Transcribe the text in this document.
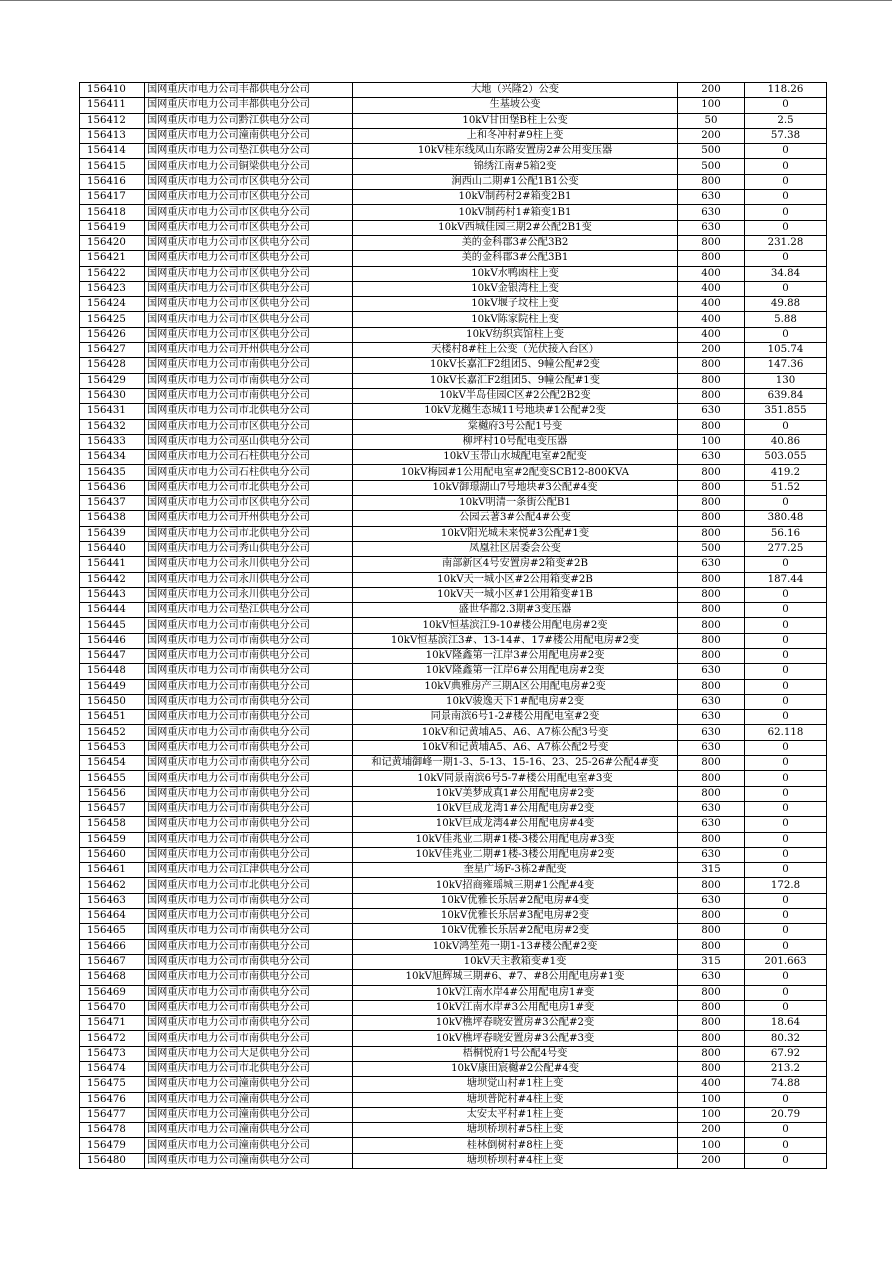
156410	国网重庆市电力公司丰都供电分公司	大地（兴隆2）公变	200	118.26
156411	国网重庆市电力公司丰都供电分公司	生基坡公变	100	0
156412	国网重庆市电力公司黔江供电分公司	10kV甘田堡B柱上公变	50	2.5
156413	国网重庆市电力公司潼南供电分公司	上和冬冲村#9柱上变	200	57.38
156414	国网重庆市电力公司垫江供电分公司	10kV桂东线凤山东路安置房2#公用变压器	500	0
156415	国网重庆市电力公司铜梁供电分公司	锦绣江南#5箱2变	500	0
156416	国网重庆市电力公司市区供电分公司	涧西山二期#1公配1B1公变	800	0
156417	国网重庆市电力公司市区供电分公司	10kV制药村2#箱变2B1	630	0
156418	国网重庆市电力公司市区供电分公司	10kV制药村1#箱变1B1	630	0
156419	国网重庆市电力公司市区供电分公司	10kV西城佳园三期2#公配2B1变	630	0
156420	国网重庆市电力公司市区供电分公司	美的金科郡3#公配3B2	800	231.28
156421	国网重庆市电力公司市区供电分公司	美的金科郡3#公配3B1	800	0
156422	国网重庆市电力公司市区供电分公司	10kV水鸭凼柱上变	400	34.84
156423	国网重庆市电力公司市区供电分公司	10kV金银湾柱上变	400	0
156424	国网重庆市电力公司市区供电分公司	10kV堰子坟柱上变	400	49.88
156425	国网重庆市电力公司市区供电分公司	10kV陈家院柱上变	400	5.88
156426	国网重庆市电力公司市区供电分公司	10kV纺织宾馆柱上变	400	0
156427	国网重庆市电力公司开州供电分公司	天楼村8#柱上公变（光伏接入台区）	200	105.74
156428	国网重庆市电力公司市南供电分公司	10kV长嘉汇F2组团5、9幢公配#2变	800	147.36
156429	国网重庆市电力公司市南供电分公司	10kV长嘉汇F2组团5、9幢公配#1变	800	130
156430	国网重庆市电力公司市南供电分公司	10kV半岛佳园C区#2公配2B2变	800	639.84
156431	国网重庆市电力公司市北供电分公司	10kV龙樾生态城11号地块#1公配#2变	630	351.855
156432	国网重庆市电力公司市区供电分公司	棠樾府3号公配1号变	800	0
156433	国网重庆市电力公司巫山供电分公司	柳坪村10号配电变压器	100	40.86
156434	国网重庆市电力公司石柱供电分公司	10kV玉带山水城配电室#2配变	630	503.055
156435	国网重庆市电力公司石柱供电分公司	10kV梅园#1公用配电室#2配变SCB12-800KVA	800	419.2
156436	国网重庆市电力公司市北供电分公司	10kV御璟湖山7号地块#3公配#4变	800	51.52
156437	国网重庆市电力公司市区供电分公司	10kV明清一条街公配B1	800	0
156438	国网重庆市电力公司开州供电分公司	公园云著3#公配4#公变	800	380.48
156439	国网重庆市电力公司市北供电分公司	10kV阳光城未来悦#3公配#1变	800	56.16
156440	国网重庆市电力公司秀山供电分公司	凤凰社区居委会公变	500	277.25
156441	国网重庆市电力公司永川供电分公司	南部新区4号安置房#2箱变#2B	630	0
156442	国网重庆市电力公司永川供电分公司	10kV天一城小区#2公用箱变#2B	800	187.44
156443	国网重庆市电力公司永川供电分公司	10kV天一城小区#1公用箱变#1B	800	0
156444	国网重庆市电力公司垫江供电分公司	盛世华都2.3期#3变压器	800	0
156445	国网重庆市电力公司市南供电分公司	10kV恒基滨江9-10#楼公用配电房#2变	800	0
156446	国网重庆市电力公司市南供电分公司	10kV恒基滨江3#、13-14#、17#楼公用配电房#2变	800	0
156447	国网重庆市电力公司市南供电分公司	10kV隆鑫第一江岸3#公用配电房#2变	800	0
156448	国网重庆市电力公司市南供电分公司	10kV隆鑫第一江岸6#公用配电房#2变	630	0
156449	国网重庆市电力公司市南供电分公司	10kV典雅房产三期A区公用配电房#2变	800	0
156450	国网重庆市电力公司市南供电分公司	10kV骏逸天下1#配电房#2变	630	0
156451	国网重庆市电力公司市南供电分公司	同景南滨6号1-2#楼公用配电室#2变	630	0
156452	国网重庆市电力公司市南供电分公司	10kV和记黄埔A5、A6、A7栋公配3号变	630	62.118
156453	国网重庆市电力公司市南供电分公司	10kV和记黄埔A5、A6、A7栋公配2号变	630	0
156454	国网重庆市电力公司市南供电分公司	和记黄埔御峰一期1-3、5-13、15-16、23、25-26#公配4#变	800	0
156455	国网重庆市电力公司市南供电分公司	10kV同景南滨6号5-7#楼公用配电室#3变	800	0
156456	国网重庆市电力公司市南供电分公司	10kV美梦成真1#公用配电房#2变	800	0
156457	国网重庆市电力公司市南供电分公司	10kV巨成龙湾1#公用配电房#2变	630	0
156458	国网重庆市电力公司市南供电分公司	10kV巨成龙湾4#公用配电房#4变	630	0
156459	国网重庆市电力公司市南供电分公司	10kV佳兆业二期#1楼-3楼公用配电房#3变	800	0
156460	国网重庆市电力公司市南供电分公司	10kV佳兆业二期#1楼-3楼公用配电房#2变	630	0
156461	国网重庆市电力公司江津供电分公司	奎星广场F-3栋2#配变	315	0
156462	国网重庆市电力公司市北供电分公司	10kV招商雍瑶城三期#1公配#4变	800	172.8
156463	国网重庆市电力公司市南供电分公司	10kV优雅长乐居#2配电房#4变	630	0
156464	国网重庆市电力公司市南供电分公司	10kV优雅长乐居#3配电房#2变	800	0
156465	国网重庆市电力公司市南供电分公司	10kV优雅长乐居#2配电房#2变	800	0
156466	国网重庆市电力公司市南供电分公司	10kV鸿笙苑一期1-13#楼公配#2变	800	0
156467	国网重庆市电力公司市南供电分公司	10kV天主教箱变#1变	315	201.663
156468	国网重庆市电力公司市南供电分公司	10kV旭辉城三期#6、#7、#8公用配电房#1变	630	0
156469	国网重庆市电力公司市南供电分公司	10kV江南水岸4#公用配电房1#变	800	0
156470	国网重庆市电力公司市南供电分公司	10kV江南水岸#3公用配电房1#变	800	0
156471	国网重庆市电力公司市南供电分公司	10kV樵坪春晓安置房#3公配#2变	800	18.64
156472	国网重庆市电力公司市南供电分公司	10kV樵坪春晓安置房#3公配#3变	800	80.32
156473	国网重庆市电力公司大足供电分公司	梧桐悦府1号公配4号变	800	67.92
156474	国网重庆市电力公司市北供电分公司	10kV康田宸樾#2公配#4变	800	213.2
156475	国网重庆市电力公司潼南供电分公司	塘坝觉山村#1柱上变	400	74.88
156476	国网重庆市电力公司潼南供电分公司	塘坝普陀村#4柱上变	100	0
156477	国网重庆市电力公司潼南供电分公司	太安太平村#1柱上变	100	20.79
156478	国网重庆市电力公司潼南供电分公司	塘坝桥坝村#5柱上变	200	0
156479	国网重庆市电力公司潼南供电分公司	桂林倒树村#8柱上变	100	0
156480	国网重庆市电力公司潼南供电分公司	塘坝桥坝村#4柱上变	200	0
